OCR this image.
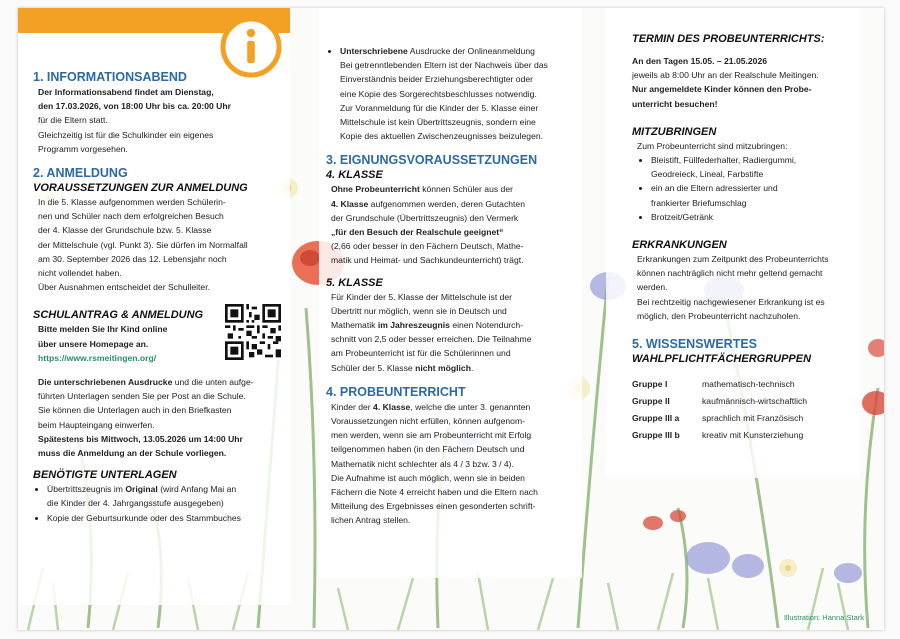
1. INFORMATIONSABEND

Der Informationsabend findet am Dienstag,

den 17.03.2026, von 18:00 Uhr bis ca. 20:00 Uhr

für die Eltern statt.

Gleichzeitig ist für die Schulkinder ein eigenes

Programm vorgesehen.

2. ANMELDUNG

VORAUSSETZUNGEN ZUR ANMELDUNG

In die 5. Klasse aufgenommen werden Schülerin-

nen und Schüler nach dem erfolgreichen Besuch

der 4. Klasse der Grundschule bzw. 5. Klasse

der Mittelschule (vgl. Punkt 3). Sie dürfen im Normalfall

am 30. September 2026 das 12. Lebensjahr noch

nicht vollendet haben.

Über Ausnahmen entscheidet der Schulleiter.

SCHULANTRAG & ANMELDUNG

Bitte melden Sie Ihr Kind online

über unsere Homepage an.

https://www.rsmeitingen.org/

Die unterschriebenen Ausdrucke und die unten aufge-

führten Unterlagen senden Sie per Post an die Schule.

Sie können die Unterlagen auch in den Briefkasten

beim Haupteingang einwerfen.

Spätestens bis Mittwoch, 13.05.2026 um 14:00 Uhr

muss die Anmeldung an der Schule vorliegen.

BENÖTIGTE UNTERLAGEN

• Übertrittszeugnis im Original (wird Anfang Mai an
die Kinder der 4. Jahrgangsstufe ausgegeben)
• Kopie der Geburtsurkunde oder des Stammbuches
• Unterschriebene Ausdrucke der Onlineanmeldung
Bei getrenntlebenden Eltern ist der Nachweis über das
Einverständnis beider Erziehungsberechtigter oder
eine Kopie des Sorgerechtsbeschlusses notwendig.
Zur Voranmeldung für die Kinder der 5. Klasse einer
Mittelschule ist kein Übertrittszeugnis, sondern eine
Kopie des aktuellen Zwischenzeugnisses beizulegen.

3. EIGNUNGSVORAUSSETZUNGEN

4. KLASSE

Ohne Probeunterricht können Schüler aus der

4. Klasse aufgenommen werden, deren Gutachten

der Grundschule (Übertrittszeugnis) den Vermerk

„für den Besuch der Realschule geeignet“

(2,66 oder besser in den Fächern Deutsch, Mathe-

matik und Heimat- und Sachkundeunterricht) trägt.

5. KLASSE

Für Kinder der 5. Klasse der Mittelschule ist der

Übertritt nur möglich, wenn sie in Deutsch und

Mathematik im Jahreszeugnis einen Notendurch-

schnitt von 2,5 oder besser erreichen. Die Teilnahme

am Probeunterricht ist für die Schülerinnen und

Schüler der 5. Klasse nicht möglich.

4. PROBEUNTERRICHT

Kinder der 4. Klasse, welche die unter 3. genannten

Voraussetzungen nicht erfüllen, können aufgenom-

men werden, wenn sie am Probeunterricht mit Erfolg

teilgenommen haben (in den Fächern Deutsch und

Mathematik nicht schlechter als 4 / 3 bzw. 3 / 4).

Die Aufnahme ist auch möglich, wenn sie in beiden

Fächern die Note 4 erreicht haben und die Eltern nach

Mitteilung des Ergebnisses einen gesonderten schrift-

lichen Antrag stellen.

TERMIN DES PROBEUNTERRICHTS:

An den Tagen 15.05. – 21.05.2026

jeweils ab 8:00 Uhr an der Realschule Meitingen.

Nur angemeldete Kinder können den Probe-

unterricht besuchen!

MITZUBRINGEN

Zum Probeunterricht sind mitzubringen:

• Bleistift, Füllfederhalter, Radiergummi,
Geodreieck, Lineal, Farbstifte
• ein an die Eltern adressierter und
frankierter Briefumschlag
• Brotzeit/Getränk

ERKRANKUNGEN

Erkrankungen zum Zeitpunkt des Probeunterrichts

können nachträglich nicht mehr geltend gemacht

werden.

Bei rechtzeitig nachgewiesener Erkrankung ist es

möglich, den Probeunterricht nachzuholen.

5. WISSENSWERTES

WAHLPFLICHTFÄCHERGRUPPEN

Gruppe I	mathematisch-technisch
Gruppe II	kaufmännisch-wirtschaftlich
Gruppe III a	sprachlich mit Französisch
Gruppe III b	kreativ mit Kunsterziehung
Illustration: Hanna Stark
